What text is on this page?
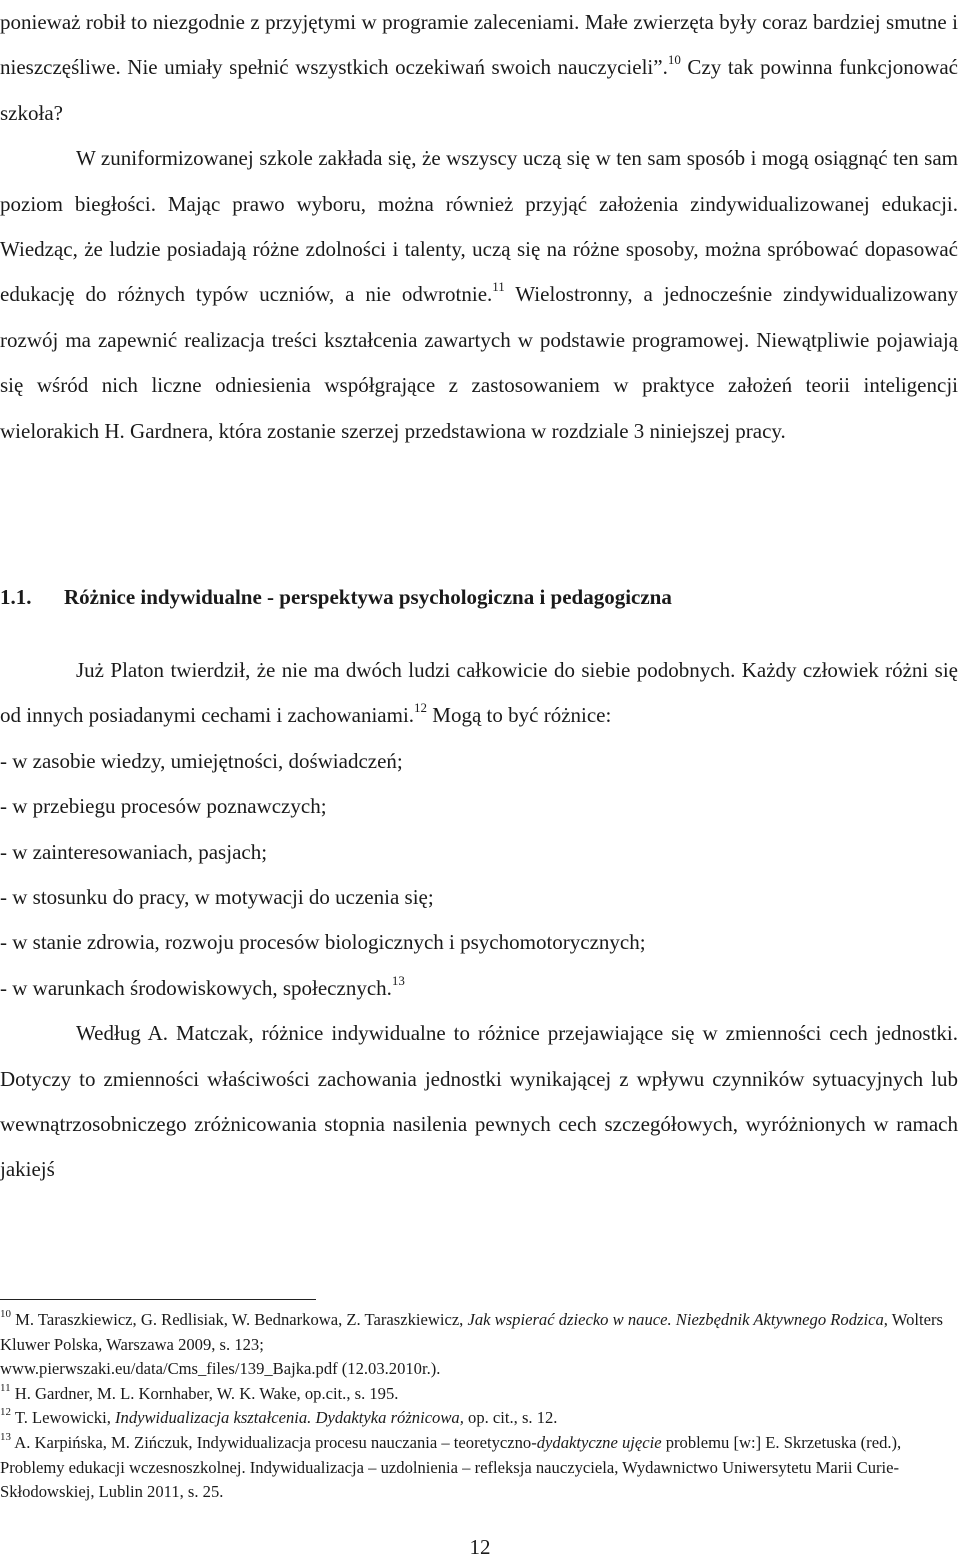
ponieważ robił to niezgodnie z przyjętymi w programie zaleceniami. Małe zwierzęta były coraz bardziej smutne i nieszczęśliwe. Nie umiały spełnić wszystkich oczekiwań swoich nauczycieli”.$^{10}$ Czy tak powinna funkcjonować szkoła?

W zuniformizowanej szkole zakłada się, że wszyscy uczą się w ten sam sposób i mogą osiągnąć ten sam poziom biegłości. Mając prawo wyboru, można również przyjąć założenia zindywidualizowanej edukacji. Wiedząc, że ludzie posiadają różne zdolności i talenty, uczą się na różne sposoby, można spróbować dopasować edukację do różnych typów uczniów, a nie odwrotnie.$^{11}$ Wielostronny, a jednocześnie zindywidualizowany rozwój ma zapewnić realizacja treści kształcenia zawartych w podstawie programowej. Niewątpliwie pojawiają się wśród nich liczne odniesienia współgrające z zastosowaniem w praktyce założeń teorii inteligencji wielorakich H. Gardnera, która zostanie szerzej przedstawiona w rozdziale 3 niniejszej pracy.

1.1. Różnice indywidualne - perspektywa psychologiczna i pedagogiczna

Już Platon twierdził, że nie ma dwóch ludzi całkowicie do siebie podobnych. Każdy człowiek różni się od innych posiadanymi cechami i zachowaniami.$^{12}$ Mogą to być różnice:

- w zasobie wiedzy, umiejętności, doświadczeń;

- w przebiegu procesów poznawczych;

- w zainteresowaniach, pasjach;

- w stosunku do pracy, w motywacji do uczenia się;

- w stanie zdrowia, rozwoju procesów biologicznych i psychomotorycznych;

- w warunkach środowiskowych, społecznych.$^{13}$

Według A. Matczak, różnice indywidualne to różnice przejawiające się w zmienności cech jednostki. Dotyczy to zmienności właściwości zachowania jednostki wynikającej z wpływu czynników sytuacyjnych lub wewnątrzosobniczego zróżnicowania stopnia nasilenia pewnych cech szczegółowych, wyróżnionych w ramach jakiejś

$^{10}$ M. Taraszkiewicz, G. Redlisiak, W. Bednarkowa, Z. Taraszkiewicz, Jak wspierać dziecko w nauce. Niezbędnik Aktywnego Rodzica, Wolters Kluwer Polska, Warszawa 2009, s. 123;
www.pierwszaki.eu/data/Cms_files/139_Bajka.pdf (12.03.2010r.).

$^{11}$ H. Gardner, M. L. Kornhaber, W. K. Wake, op.cit., s. 195.

$^{12}$ T. Lewowicki, Indywidualizacja kształcenia. Dydaktyka różnicowa, op. cit., s. 12.

$^{13}$ A. Karpińska, M. Zińczuk, Indywidualizacja procesu nauczania – teoretyczno-dydaktyczne ujęcie problemu [w:] E. Skrzetuska (red.), Problemy edukacji wczesnoszkolnej. Indywidualizacja – uzdolnienia – refleksja nauczyciela, Wydawnictwo Uniwersytetu Marii Curie-Skłodowskiej, Lublin 2011, s. 25.

12
